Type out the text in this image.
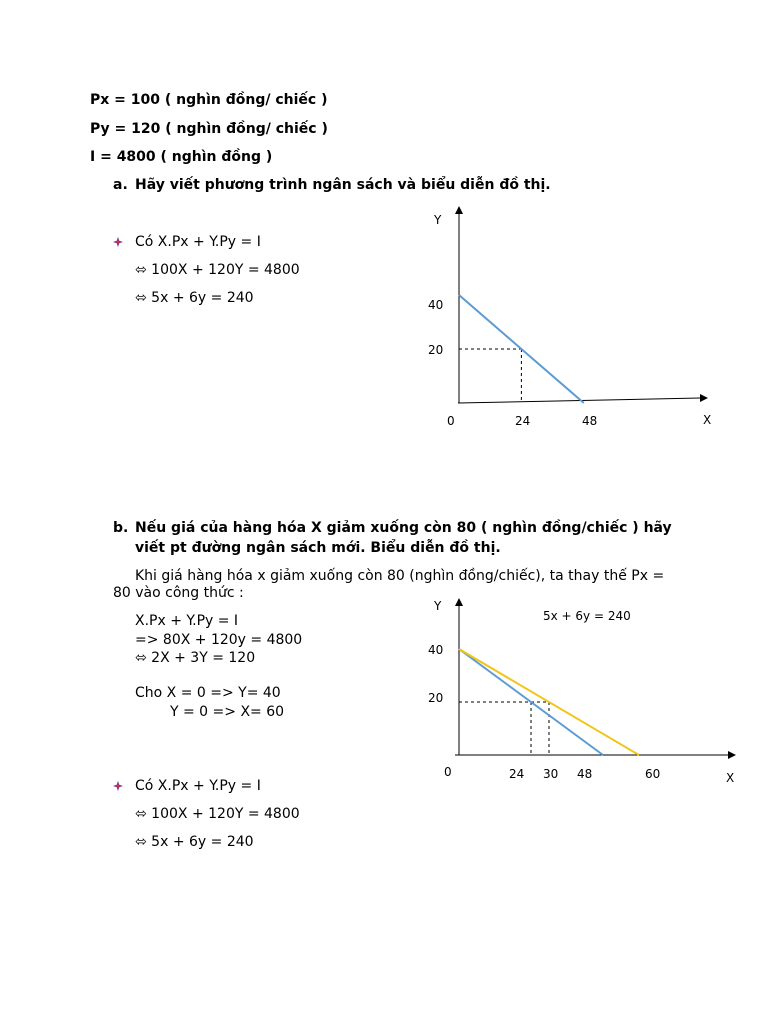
Px = 100 ( nghìn đồng/ chiếc )
Py = 120 ( nghìn đồng/ chiếc )
I = 4800 ( nghìn đồng )
a. Hãy viết phương trình ngân sách và biểu diễn đồ thị.
Có X.Px + Y.Py = I
⬄ 100X + 120Y = 4800
⬄ 5x + 6y = 240
Y
X
0
40
20
24	48
b. Nếu giá của hàng hóa X giảm xuống còn 80 ( nghìn đồng/chiếc ) hãy
viết pt đường ngân sách mới. Biểu diễn đồ thị.
Khi giá hàng hóa x giảm xuống còn 80 (nghìn đồng/chiếc), ta thay thế Px =
80 vào công thức :
X.Px + Y.Py = I
=> 80X + 120y = 4800
⬄ 2X + 3Y = 120
Cho X = 0 => Y= 40
Y = 0 => X= 60
Có X.Px + Y.Py = I
⬄ 100X + 120Y = 4800
⬄ 5x + 6y = 240
Y
X
0
5x + 6y = 240
40
20
24 30 48	60
